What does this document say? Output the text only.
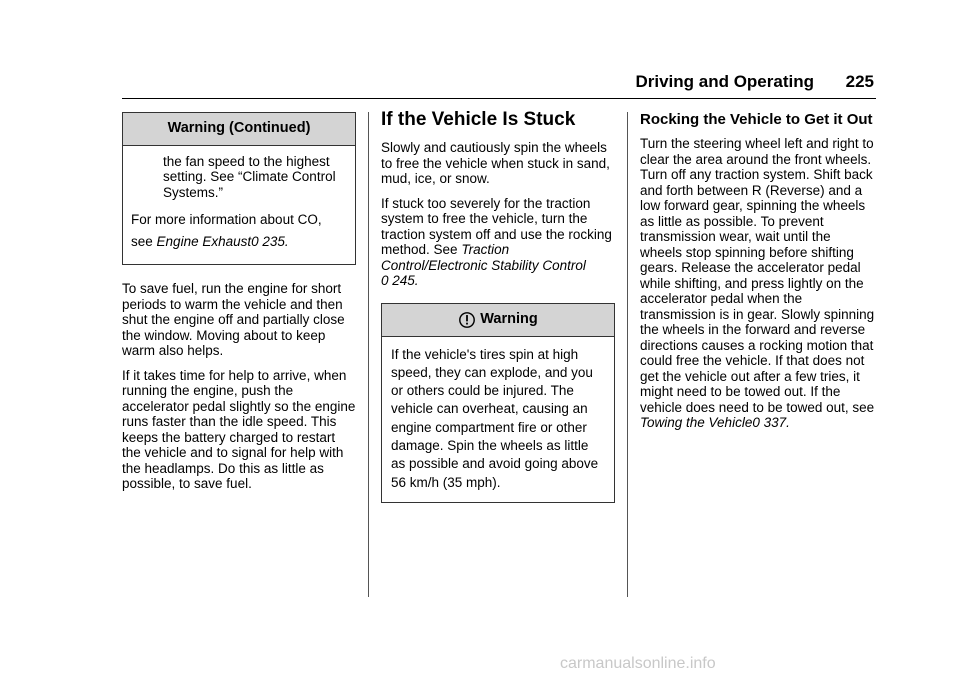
Driving and Operating 225
Warning (Continued)

the fan speed to the highest setting. See “Climate Control Systems.”

For more information about CO,

see Engine Exhaust0 235.

To save fuel, run the engine for short periods to warm the vehicle and then shut the engine off and partially close the window. Moving about to keep warm also helps.

If it takes time for help to arrive, when running the engine, push the accelerator pedal slightly so the engine runs faster than the idle speed. This keeps the battery charged to restart the vehicle and to signal for help with the headlamps. Do this as little as possible, to save fuel.

If the Vehicle Is Stuck

Slowly and cautiously spin the wheels to free the vehicle when stuck in sand, mud, ice, or snow.

If stuck too severely for the traction system to free the vehicle, turn the traction system off and use the rocking method. See Traction Control/Electronic Stability Control
0 245.

Warning
If the vehicle's tires spin at high speed, they can explode, and you or others could be injured. The vehicle can overheat, causing an engine compartment fire or other damage. Spin the wheels as little as possible and avoid going above 56 km/h (35 mph).
Rocking the Vehicle to Get it Out

Turn the steering wheel left and right to clear the area around the front wheels. Turn off any traction system. Shift back and forth between R (Reverse) and a low forward gear, spinning the wheels as little as possible. To prevent transmission wear, wait until the wheels stop spinning before shifting gears. Release the accelerator pedal while shifting, and press lightly on the accelerator pedal when the transmission is in gear. Slowly spinning the wheels in the forward and reverse directions causes a rocking motion that could free the vehicle. If that does not get the vehicle out after a few tries, it might need to be towed out. If the vehicle does need to be towed out, see Towing the Vehicle0 337.

carmanualsonline.info
